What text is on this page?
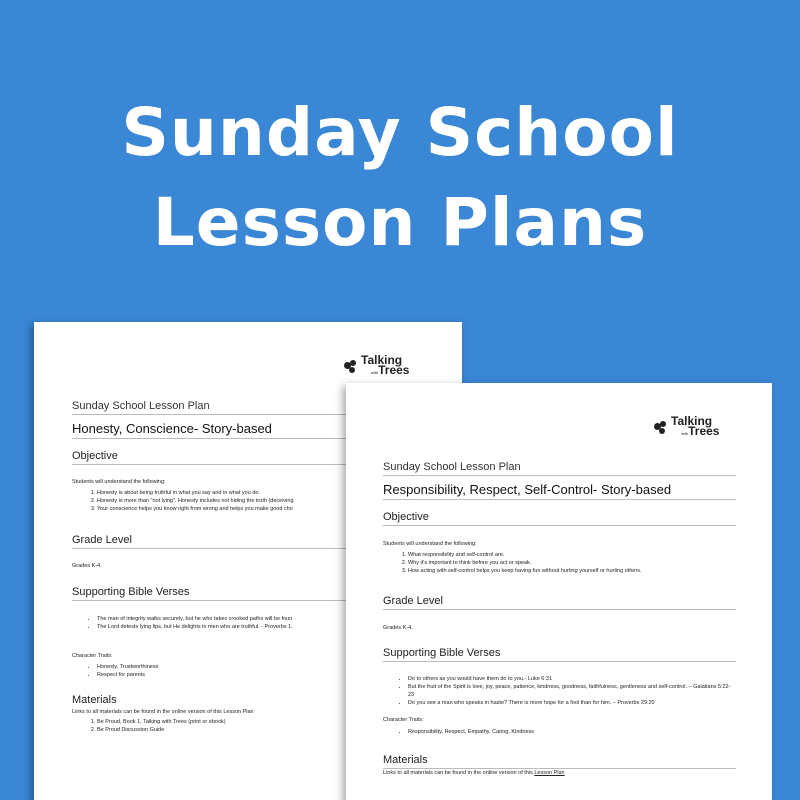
Sunday School
Lesson Plans
Talking
withTrees
Sunday School Lesson Plan
Honesty, Conscience- Story-based
Objective
Students will understand the following:
1. Honesty is about being truthful in what you say and in what you do.
2. Honesty is more than "not lying". Honesty includes not hiding the truth (deceiving
3. Your conscience helps you know right from wrong and helps you make good cho
Grade Level
Grades K-4.
Supporting Bible Verses
• The man of integrity walks securely, but he who takes crooked paths will be foun
• The Lord detests lying lips, but He delights in men who are truthful. - Proverbs 1:
Character Traits:
• Honesty, Trustworthiness
• Respect for parents
Materials
Links to all materials can be found in the online version of this Lesson Plan
1. Be Proud, Book 1, Talking with Trees (print or ebook)
2. Be Proud Discussion Guide
Talking
withTrees
Sunday School Lesson Plan
Responsibility, Respect, Self-Control- Story-based
Objective
Students will understand the following:
1. What responsibility and self-control are.
2. Why it's important to think before you act or speak.
3. How acting with self-control helps you keep having fun without hurting yourself or hurting others.
Grade Level
Grades K-4.
Supporting Bible Verses
• Do to others as you would have them do to you.- Luke 6:31
• But the fruit of the Spirit is love, joy, peace, patience, kindness, goodness, faithfulness, gentleness and self-control. – Galatians 5:22-23
• Do you see a man who speaks in haste? There is more hope for a fool than for him. – Proverbs 29:20
Character Traits:
• Responsibility, Respect, Empathy, Caring, Kindness
Materials
Links to all materials can be found in the online version of this Lesson Plan
